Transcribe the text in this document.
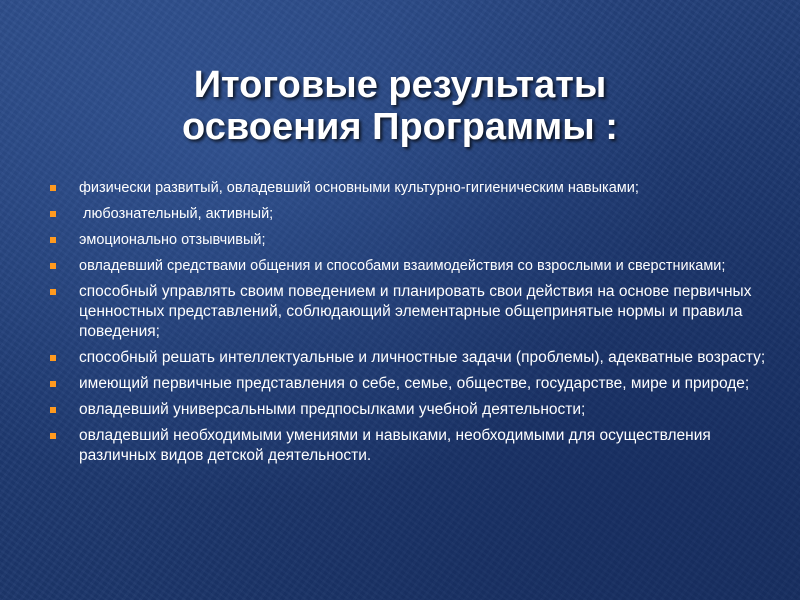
Итоговые результаты
освоения Программы :
физически развитый, овладевший основными культурно-гигиеническим навыками;
любознательный, активный;
эмоционально отзывчивый;
овладевший средствами общения и способами взаимодействия со взрослыми и сверстниками;
способный управлять своим поведением и планировать свои действия на основе первичных ценностных представлений, соблюдающий элементарные общепринятые нормы и правила поведения;
способный решать интеллектуальные и личностные задачи (проблемы), адекватные возрасту;
имеющий первичные представления о себе, семье, обществе, государстве, мире и природе;
овладевший универсальными предпосылками учебной деятельности;
овладевший необходимыми умениями и навыками, необходимыми для осуществления различных видов детской деятельности.
